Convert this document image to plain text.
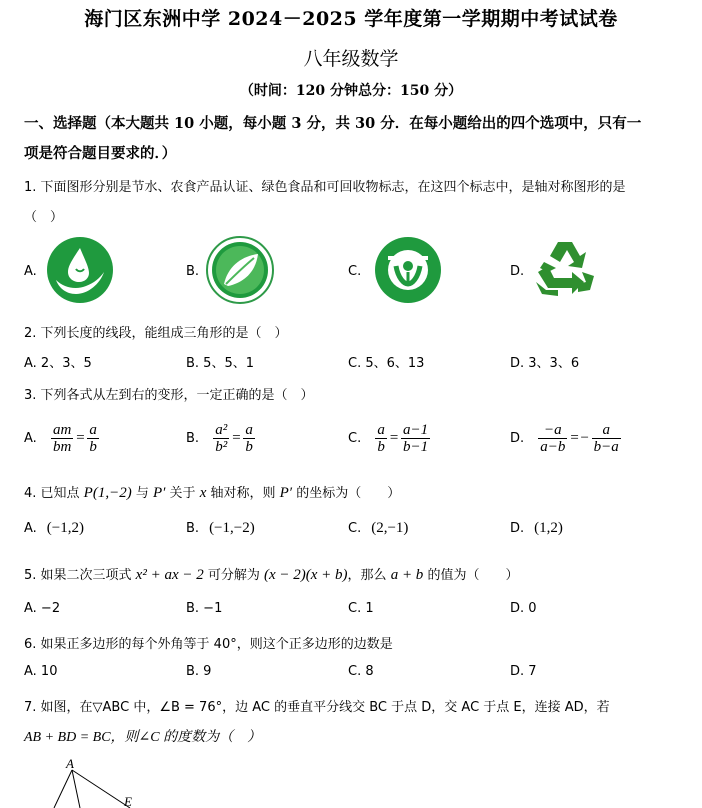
海门区东洲中学 2024－2025 学年度第一学期期中考试试卷
八年级数学
（时间：120 分钟总分：150 分）
一、选择题（本大题共 10 小题，每小题 3 分，共 30 分．在每小题给出的四个选项中，只有一
项是符合题目要求的．）
1. 下面图形分别是节水、农食产品认证、绿色食品和可回收物标志，在这四个标志中，是轴对称图形的是
（　）
A.	B.	C.	D.
2. 下列长度的线段，能组成三角形的是（　）
A. 2、3、5	B. 5、5、1	C. 5、6、13	D. 3、3、6
3. 下列各式从左到右的变形，一定正确的是（　）
A. $\frac{am}{bm} = \frac{a}{b}$	B. $\frac{\text{a²}}{\text{b²}} = \frac{a}{b}$	C. $\frac{a}{b} = \frac{a-1}{b-1}$	D. $\frac{-a}{a-b} =- \frac{a}{b-a}$
4. 已知点 P(1,−2) 与 P′ 关于 x 轴对称，则 P′ 的坐标为（　　）
A. (−1,2)	B. (−1,−2)	C. (2,−1)	D. (1,2)
5. 如果二次三项式 x² + ax − 2 可分解为 (x − 2)(x + b)，那么 a + b 的值为（　　）
A. −2	B. −1	C. 1	D. 0
6. 如果正多边形的每个外角等于 40°，则这个正多边形的边数是
A. 10	B. 9	C. 8	D. 7
7. 如图，在▽ABC 中，∠B = 76°，边 AC 的垂直平分线交 BC 于点 D，交 AC 于点 E，连接 AD，若
AB + BD = BC，则∠C 的度数为（　）
A
E
